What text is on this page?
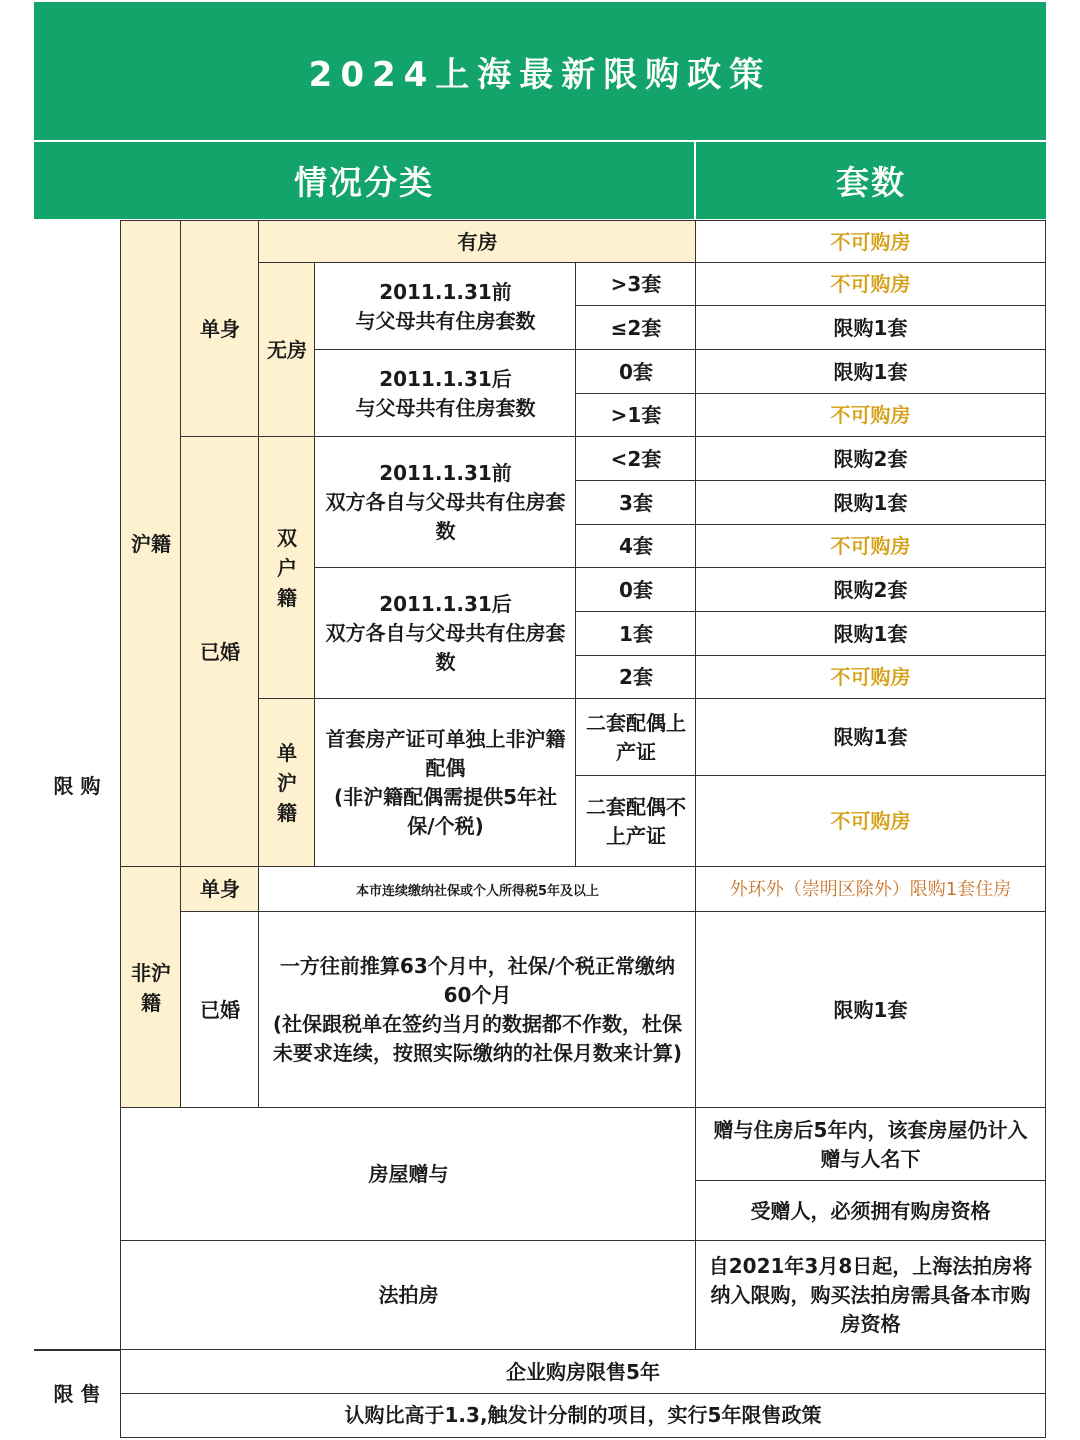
2024上海最新限购政策
情况分类	套数
限 购
限 售
沪籍
单身
已婚
有房
无房
双户籍
单沪籍
2011.1.31前
与父母共有住房套数
2011.1.31后
与父母共有住房套数
2011.1.31前
双方各自与父母共有住房套数
2011.1.31后
双方各自与父母共有住房套数
首套房产证可单独上非沪籍配偶
(非沪籍配偶需提供5年社保/个税)
>3套
≤2套
0套
>1套
<2套
3套
4套
0套
1套
2套
二套配偶上产证
二套配偶不上产证
不可购房
不可购房
限购1套
限购1套
不可购房
限购2套
限购1套
不可购房
限购2套
限购1套
不可购房
限购1套
不可购房
非沪籍
单身
已婚
本市连续缴纳社保或个人所得税5年及以上
一方往前推算63个月中，社保/个税正常缴纳60个月
(社保跟税单在签约当月的数据都不作数，杜保未要求连续，按照实际缴纳的社保月数来计算)
外环外（崇明区除外）限购1套住房
限购1套
房屋赠与
赠与住房后5年内，该套房屋仍计入赠与人名下
受赠人，必须拥有购房资格
法拍房
自2021年3月8日起，上海法拍房将纳入限购，购买法拍房需具备本市购房资格
企业购房限售5年
认购比高于1.3,触发计分制的项目，实行5年限售政策
